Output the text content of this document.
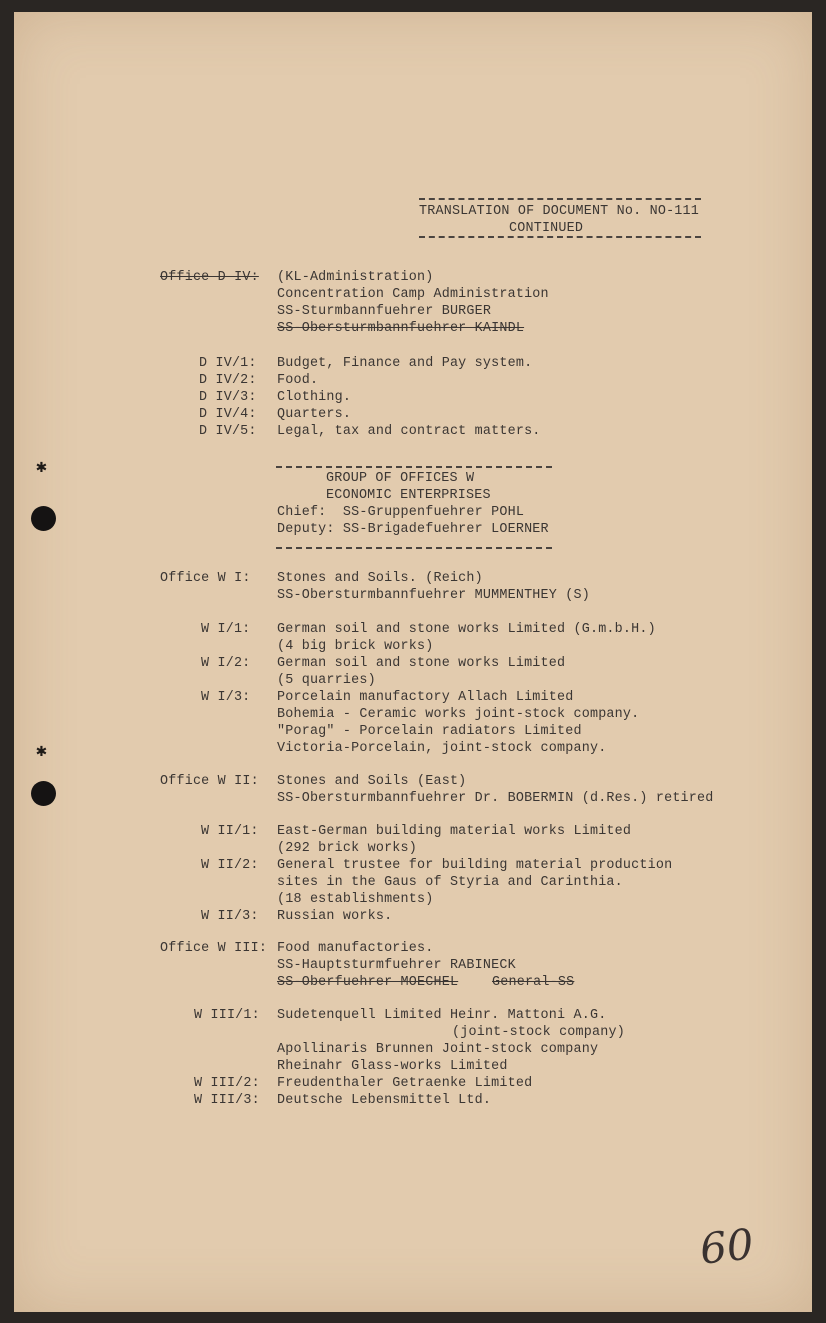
✱
✱
TRANSLATION OF DOCUMENT No. NO-111
CONTINUED
Office D IV: (KL-Administration)
Concentration Camp Administration
SS-Sturmbannfuehrer BURGER
SS-Obersturmbannfuehrer KAINDL
D IV/1: Budget, Finance and Pay system.
D IV/2: Food.
D IV/3: Clothing.
D IV/4: Quarters.
D IV/5: Legal, tax and contract matters.
GROUP OF OFFICES W
ECONOMIC ENTERPRISES
Chief:  SS-Gruppenfuehrer POHL
Deputy: SS-Brigadefuehrer LOERNER
Office W I: Stones and Soils. (Reich)
SS-Obersturmbannfuehrer MUMMENTHEY (S)
W I/1: German soil and stone works Limited (G.m.b.H.)
(4 big brick works)
W I/2: German soil and stone works Limited
(5 quarries)
W I/3: Porcelain manufactory Allach Limited
Bohemia - Ceramic works joint-stock company.
"Porag" - Porcelain radiators Limited
Victoria-Porcelain, joint-stock company.
Office W II: Stones and Soils (East)
SS-Obersturmbannfuehrer Dr. BOBERMIN (d.Res.) retired
W II/1: East-German building material works Limited
(292 brick works)
W II/2: General trustee for building material production
sites in the Gaus of Styria and Carinthia.
(18 establishments)
W II/3: Russian works.
Office W III: Food manufactories.
SS-Hauptsturmfuehrer RABINECK
SS-Oberfuehrer MOECHEL	General-SS
W III/1: Sudetenquell Limited Heinr. Mattoni A.G.
(joint-stock company)
Apollinaris Brunnen Joint-stock company
Rheinahr Glass-works Limited
W III/2: Freudenthaler Getraenke Limited
W III/3: Deutsche Lebensmittel Ltd.
60
